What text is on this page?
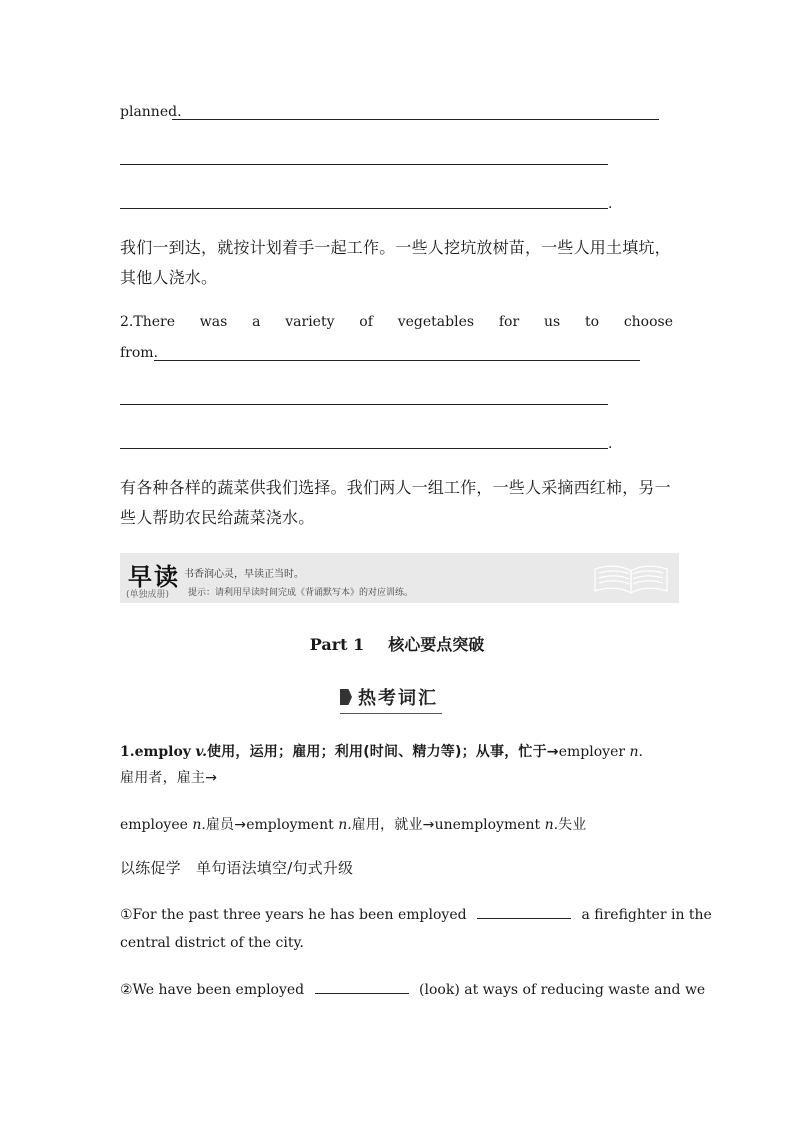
planned.
.
我们一到达，就按计划着手一起工作。一些人挖坑放树苗，一些人用土填坑，其他人浇水。
2.There was a variety of vegetables for us to choose
from.
.
有各种各样的蔬菜供我们选择。我们两人一组工作，一些人采摘西红柿，另一些人帮助农民给蔬菜浇水。
早读
(单独成册)
书香润心灵，早读正当时。
提示：请利用早读时间完成《背诵默写本》的对应训练。
Part 1 核心要点突破
热考词汇
1.employ v.使用，运用；雇用；利用(时间、精力等)；从事，忙于→employer n.
雇用者，雇主→
employee n.雇员→employment n.雇用，就业→unemployment n.失业
以练促学　单句语法填空/句式升级
①For the past three years he has been employed	a firefighter in the
central district of the city.
②We have been employed	(look) at ways of reducing waste and we
